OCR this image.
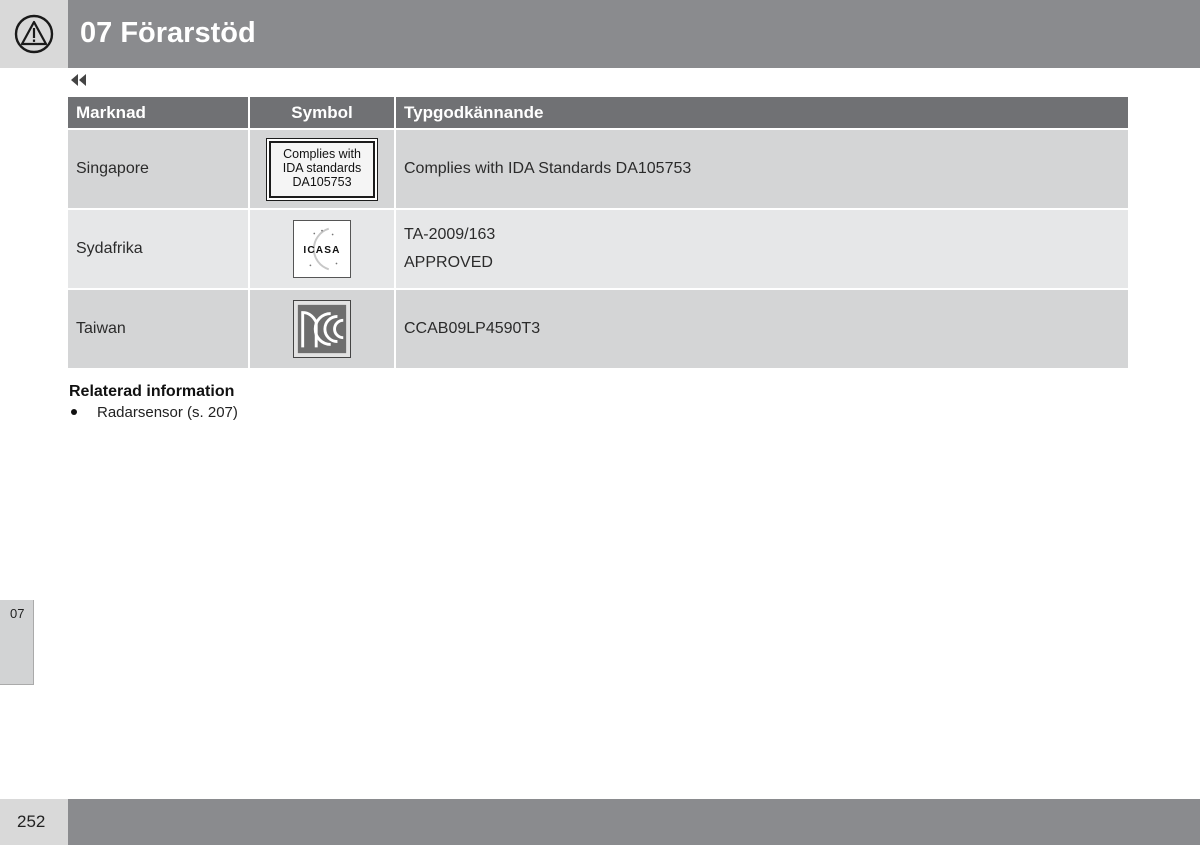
07 Förarstöd
Marknad	Symbol	Typgodkännande
Singapore	Complies with
IDA standards
DA105753	Complies with IDA Standards DA105753

Sydafrika	ICASA	TA-2009/163
APPROVED

Taiwan		CCAB09LP4590T3
Relaterad information
Radarsensor (s. 207)
07
252
